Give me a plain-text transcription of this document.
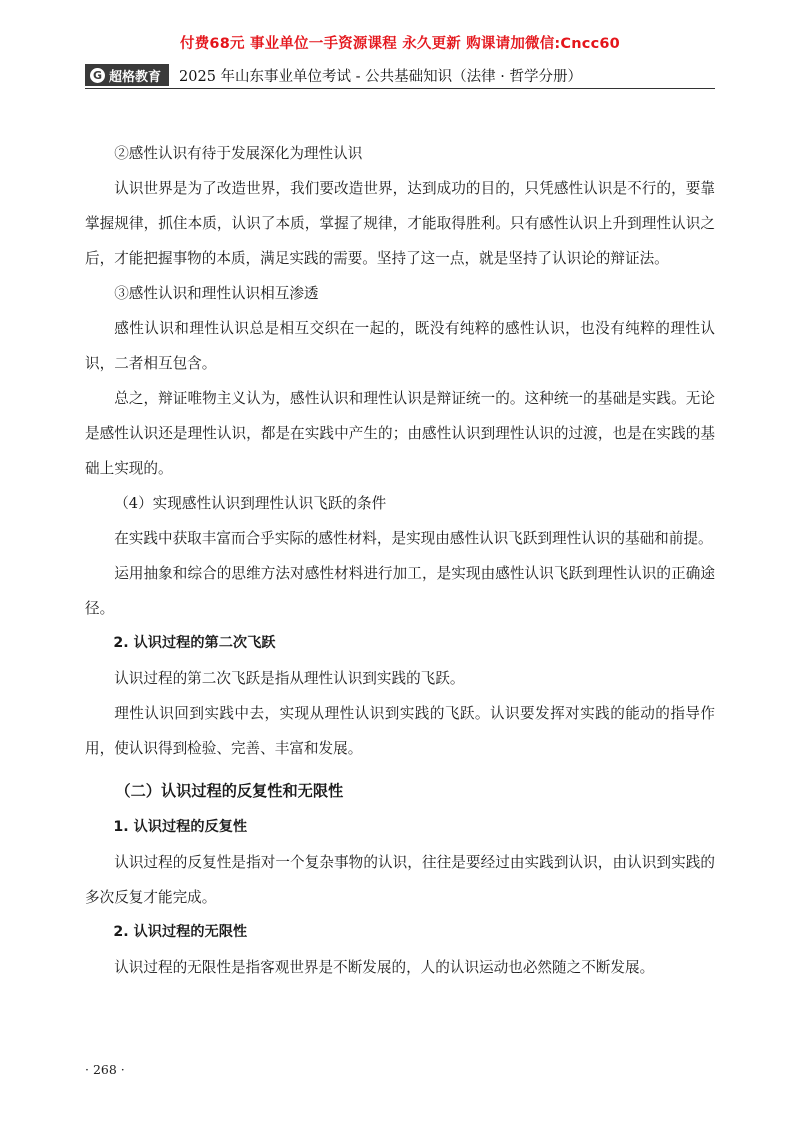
付费68元 事业单位一手资源课程 永久更新 购课请加微信:Cncc60
G 超格教育 2025 年山东事业单位考试 - 公共基础知识（法律 · 哲学分册）

②感性认识有待于发展深化为理性认识

认识世界是为了改造世界，我们要改造世界，达到成功的目的，只凭感性认识是不行的，要靠掌握规律，抓住本质，认识了本质，掌握了规律，才能取得胜利。只有感性认识上升到理性认识之后，才能把握事物的本质，满足实践的需要。坚持了这一点，就是坚持了认识论的辩证法。

③感性认识和理性认识相互渗透

感性认识和理性认识总是相互交织在一起的，既没有纯粹的感性认识，也没有纯粹的理性认识，二者相互包含。

总之，辩证唯物主义认为，感性认识和理性认识是辩证统一的。这种统一的基础是实践。无论是感性认识还是理性认识，都是在实践中产生的；由感性认识到理性认识的过渡，也是在实践的基础上实现的。

（4）实现感性认识到理性认识飞跃的条件

在实践中获取丰富而合乎实际的感性材料，是实现由感性认识飞跃到理性认识的基础和前提。

运用抽象和综合的思维方法对感性材料进行加工，是实现由感性认识飞跃到理性认识的正确途径。

2. 认识过程的第二次飞跃

认识过程的第二次飞跃是指从理性认识到实践的飞跃。

理性认识回到实践中去，实现从理性认识到实践的飞跃。认识要发挥对实践的能动的指导作用，使认识得到检验、完善、丰富和发展。

（二）认识过程的反复性和无限性

1. 认识过程的反复性

认识过程的反复性是指对一个复杂事物的认识，往往是要经过由实践到认识，由认识到实践的多次反复才能完成。

2. 认识过程的无限性

认识过程的无限性是指客观世界是不断发展的，人的认识运动也必然随之不断发展。

· 268 ·
